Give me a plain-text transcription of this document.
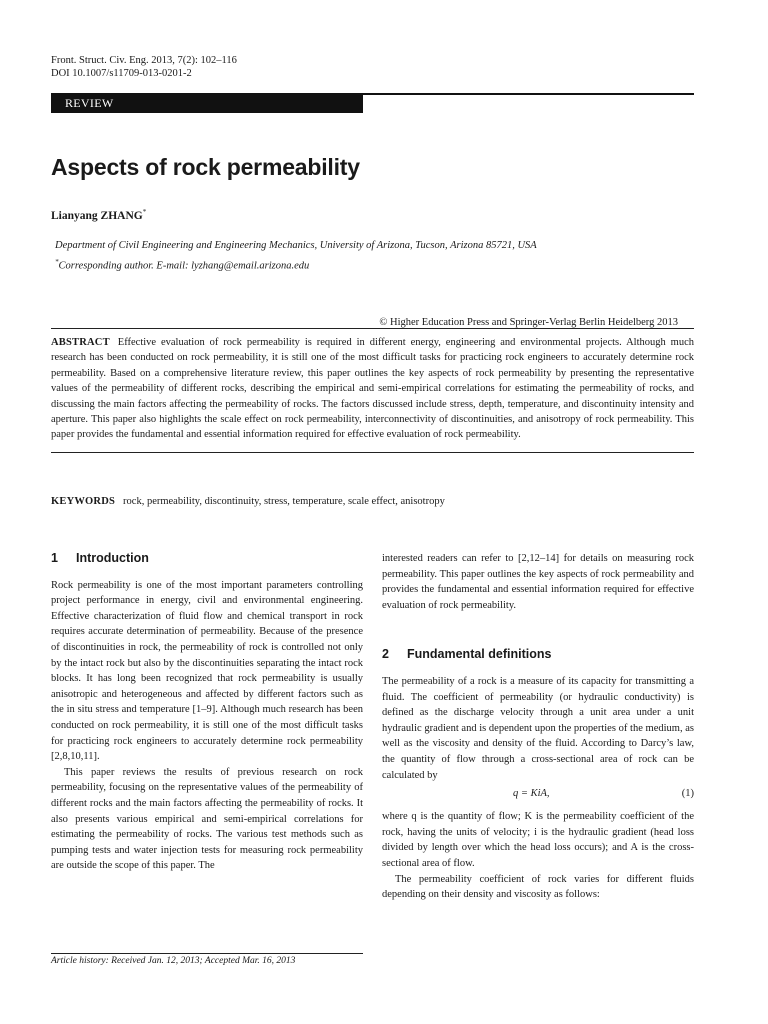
Front. Struct. Civ. Eng. 2013, 7(2): 102–116
DOI 10.1007/s11709-013-0201-2
REVIEW
Aspects of rock permeability
Lianyang ZHANG*
Department of Civil Engineering and Engineering Mechanics, University of Arizona, Tucson, Arizona 85721, USA
*Corresponding author. E-mail: lyzhang@email.arizona.edu
© Higher Education Press and Springer-Verlag Berlin Heidelberg 2013

ABSTRACT Effective evaluation of rock permeability is required in different energy, engineering and environmental projects. Although much research has been conducted on rock permeability, it is still one of the most difficult tasks for practicing rock engineers to accurately determine rock permeability. Based on a comprehensive literature review, this paper outlines the key aspects of rock permeability by presenting the representative values of the permeability of different rocks, describing the empirical and semi-empirical correlations for estimating the permeability of rocks, and discussing the main factors affecting the permeability of rocks. The factors discussed include stress, depth, temperature, and discontinuity intensity and aperture. This paper also highlights the scale effect on rock permeability, interconnectivity of discontinuities, and anisotropy of rock permeability. This paper provides the fundamental and essential information required for effective evaluation of rock permeability.

KEYWORDS rock, permeability, discontinuity, stress, temperature, scale effect, anisotropy
1 Introduction

Rock permeability is one of the most important parameters controlling project performance in energy, civil and environmental engineering. Effective characterization of fluid flow and chemical transport in rock requires accurate determination of permeability. Because of the presence of discontinuities in rock, the permeability of rock is controlled not only by the intact rock but also by the discontinuities separating the intact rock blocks. It has long been recognized that rock permeability is usually anisotropic and heterogeneous and affected by different factors such as the in situ stress and temperature [1–9]. Although much research has been conducted on rock permeability, it is still one of the most difficult tasks for practicing rock engineers to accurately determine rock permeability [2,8,10,11].

This paper reviews the results of previous research on rock permeability, focusing on the representative values of the permeability of different rocks and the main factors affecting the permeability of rocks. It also presents various empirical and semi-empirical correlations for estimating the permeability of rocks. The various test methods such as pumping tests and water injection tests for measuring rock permeability are outside the scope of this paper. The

interested readers can refer to [2,12–14] for details on measuring rock permeability. This paper outlines the key aspects of rock permeability and provides the fundamental and essential information required for effective evaluation of rock permeability.

2 Fundamental definitions

The permeability of a rock is a measure of its capacity for transmitting a fluid. The coefficient of permeability (or hydraulic conductivity) is defined as the discharge velocity through a unit area under a unit hydraulic gradient and is dependent upon the properties of the medium, as well as the viscosity and density of the fluid. According to Darcy’s law, the quantity of flow through a cross-sectional area of rock can be calculated by

q = KiA,	(1)

where q is the quantity of flow; K is the permeability coefficient of the rock, having the units of velocity; i is the hydraulic gradient (head loss divided by length over which the head loss occurs); and A is the cross-sectional area of flow.

The permeability coefficient of rock varies for different fluids depending on their density and viscosity as follows:

Article history: Received Jan. 12, 2013; Accepted Mar. 16, 2013
